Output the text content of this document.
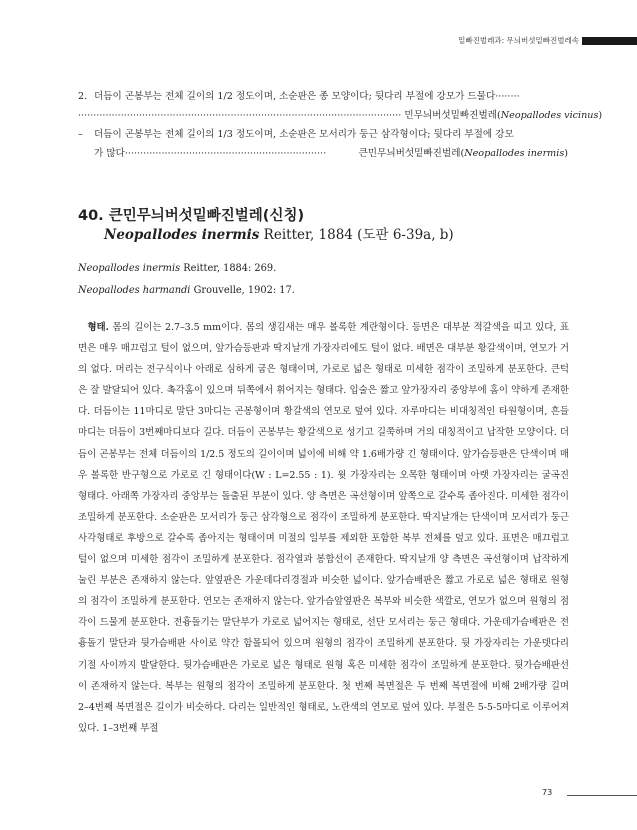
밑빠진벌레과: 무늬버섯밑빠진벌레속
2. 더듬이 곤봉부는 전체 길이의 1/2 정도이며, 소순판은 종 모양이다; 뒷다리 부절에 강모가 드물다········
·········································································································· 민무늬버섯밑빠진벌레(Neopallodes vicinus)
– 더듬이 곤봉부는 전체 길이의 1/3 정도이며, 소순판은 모서리가 둥근 삼각형이다; 뒷다리 부절에 강모
가 많다 ··································································	큰민무늬버섯밑빠진벌레 ( Neopallodes inermis )
40. 큰민무늬버섯밑빠진벌레(신칭)
Neopallodes inermis Reitter, 1884 (도판 6-39a, b)
Neopallodes inermis Reitter, 1884: 269.
Neopallodes harmandi Grouvelle, 1902: 17.
 형태. 몸의 길이는 2.7–3.5 mm이다. 몸의 생김새는 매우 볼록한 계란형이다. 등면은 대부분 적갈색을 띠고 있다, 표면은 매우 매끄럽고 털이 없으며, 앞가슴등판과 딱지날개 가장자리에도 털이 없다. 배면은 대부분 황갈색이며, 연모가 거의 없다. 머리는 전구식이나 아래로 심하게 굽은 형태이며, 가로로 넓은 형태로 미세한 점각이 조밀하게 분포한다. 큰턱은 잘 발달되어 있다. 촉각홈이 있으며 뒤쪽에서 휘어지는 형태다. 입술은 짧고 앞가장자리 중앙부에 홈이 약하게 존재한다. 더듬이는 11마디로 말단 3마디는 곤봉형이며 황갈색의 연모로 덮여 있다. 자루마디는 비대칭적인 타원형이며, 흔들마디는 더듬이 3번째마디보다 길다. 더듬이 곤봉부는 황갈색으로 성기고 길쭉하며 거의 대칭적이고 납작한 모양이다. 더듬이 곤봉부는 전체 더듬이의 1/2.5 정도의 길이이며 넓이에 비해 약 1.6배가량 긴 형태이다. 앞가슴등판은 단색이며 매우 볼록한 반구형으로 가로로 긴 형태이다(W : L=2.55 : 1). 윗 가장자리는 오목한 형태이며 아랫 가장자리는 굴곡진 형태다. 아래쪽 가장자리 중앙부는 돌출된 부분이 있다. 양 측면은 곡선형이며 앞쪽으로 갈수록 좁아진다. 미세한 점각이 조밀하게 분포한다. 소순판은 모서리가 둥근 삼각형으로 점각이 조밀하게 분포한다. 딱지날개는 단색이며 모서리가 둥근 사각형태로 후방으로 갈수록 좁아지는 형태이며 미절의 일부를 제외한 포함한 복부 전체를 덮고 있다. 표면은 매끄럽고 털이 없으며 미세한 점각이 조밀하게 분포한다. 점각열과 봉합선이 존재한다. 딱지날개 양 측면은 곡선형이며 납작하게 눌린 부분은 존재하지 않는다. 앞옆판은 가운데다리경절과 비슷한 넓이다. 앞가슴배판은 짧고 가로로 넓은 형태로 원형의 점각이 조밀하게 분포한다. 연모는 존재하지 않는다. 앞가슴앞옆판은 복부와 비슷한 색깔로, 연모가 없으며 원형의 점각이 드물게 분포한다. 전흉돌기는 말단부가 가로로 넓어지는 형태로, 선단 모서리는 둥근 형태다. 가운데가슴배판은 전흉돌기 말단과 뒷가슴배판 사이로 약간 함몰되어 있으며 원형의 점각이 조밀하게 분포한다. 뒷 가장자리는 가운뎃다리 기절 사이까지 발달한다. 뒷가슴배판은 가로로 넓은 형태로 원형 혹은 미세한 점각이 조밀하게 분포한다. 뒷가슴배판선이 존재하지 않는다. 복부는 원형의 점각이 조밀하게 분포한다. 첫 번째 복면절은 두 번째 복면절에 비해 2배가량 길며 2–4번째 복면절은 길이가 비슷하다. 다리는 일반적인 형태로, 노란색의 연모로 덮여 있다. 부절은 5-5-5마디로 이루어져 있다. 1–3번째 부절
73
